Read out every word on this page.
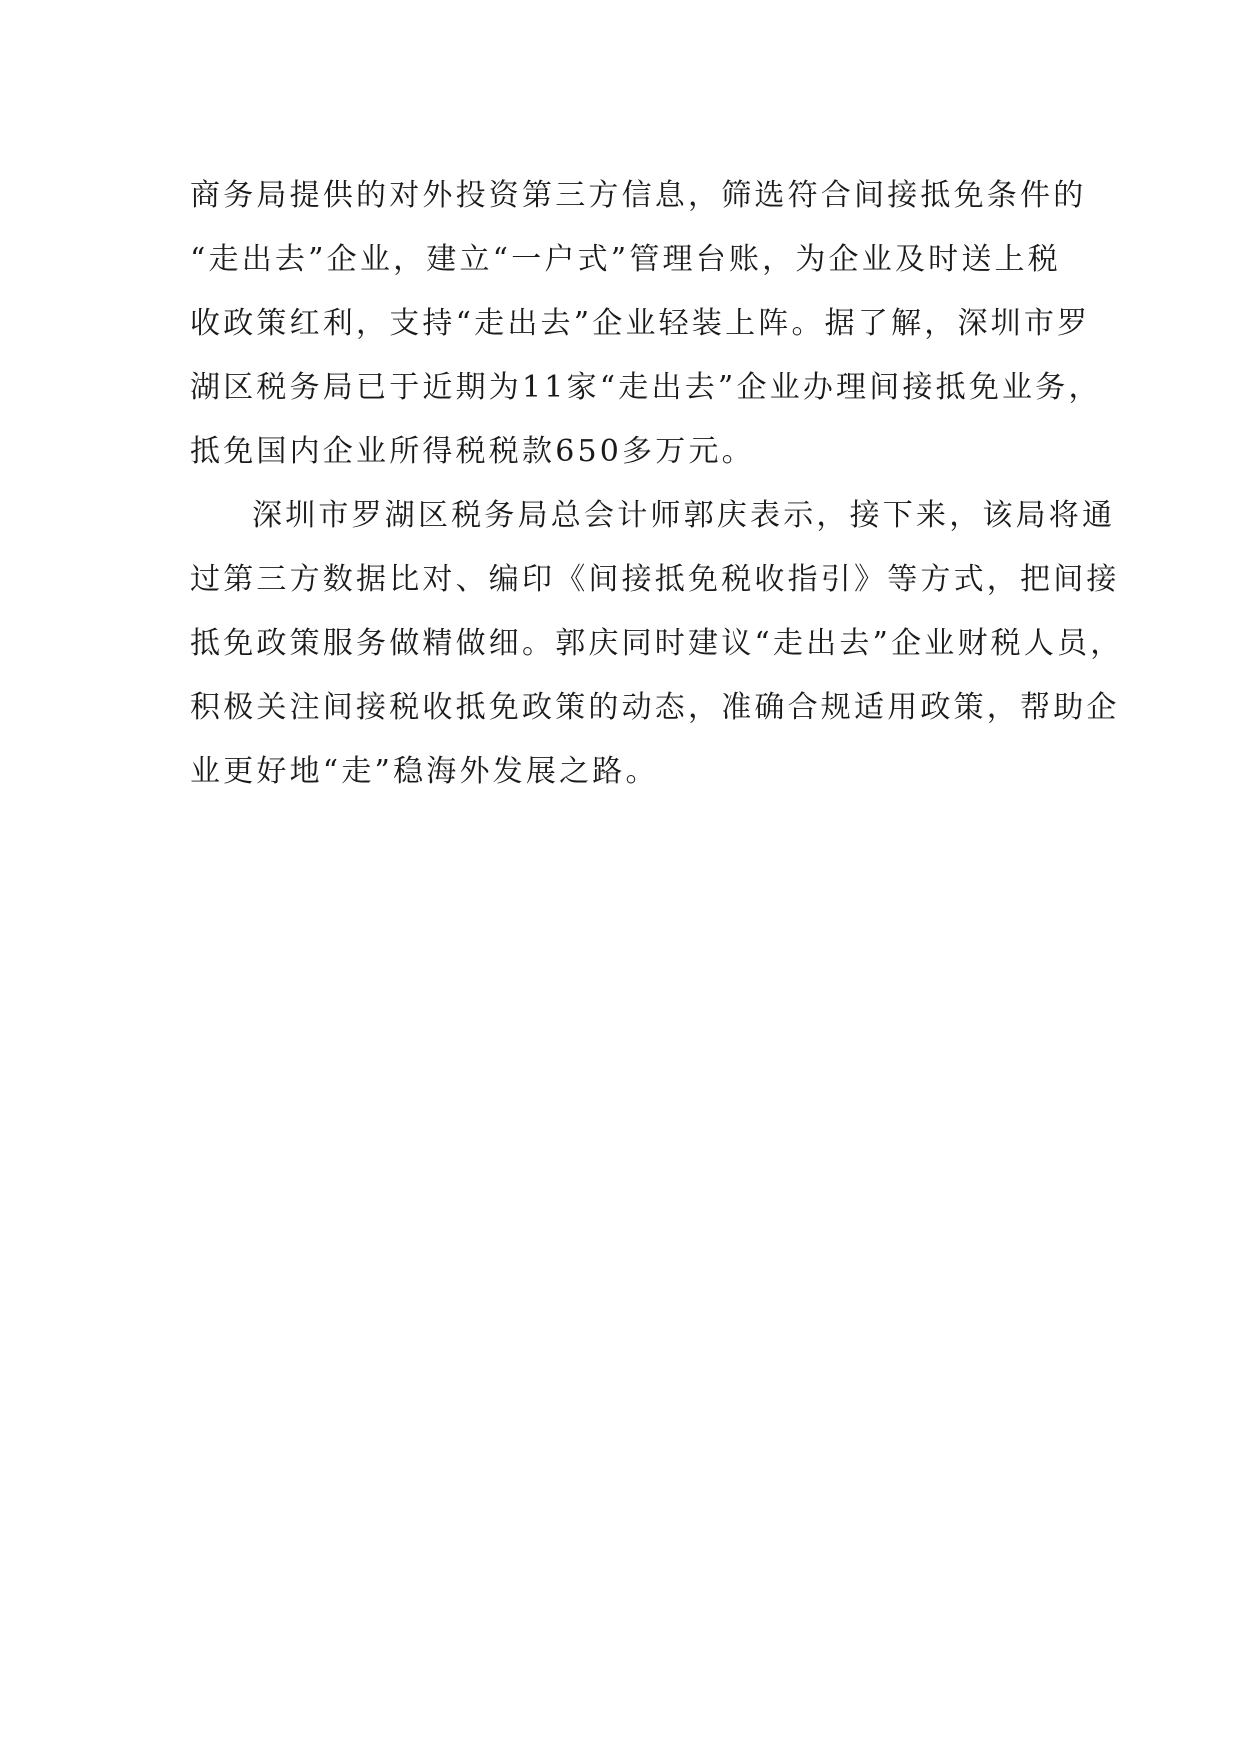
商务局提供的对外投资第三方信息，筛选符合间接抵免条件的
“走出去”企业，建立“一户式”管理台账，为企业及时送上税
收政策红利，支持“走出去”企业轻装上阵。据了解，深圳市罗
湖区税务局已于近期为11家“走出去”企业办理间接抵免业务，
抵免国内企业所得税税款650多万元。
深圳市罗湖区税务局总会计师郭庆表示，接下来，该局将通
过第三方数据比对、编印《间接抵免税收指引》等方式，把间接
抵免政策服务做精做细。郭庆同时建议“走出去”企业财税人员，
积极关注间接税收抵免政策的动态，准确合规适用政策，帮助企
业更好地“走”稳海外发展之路。
